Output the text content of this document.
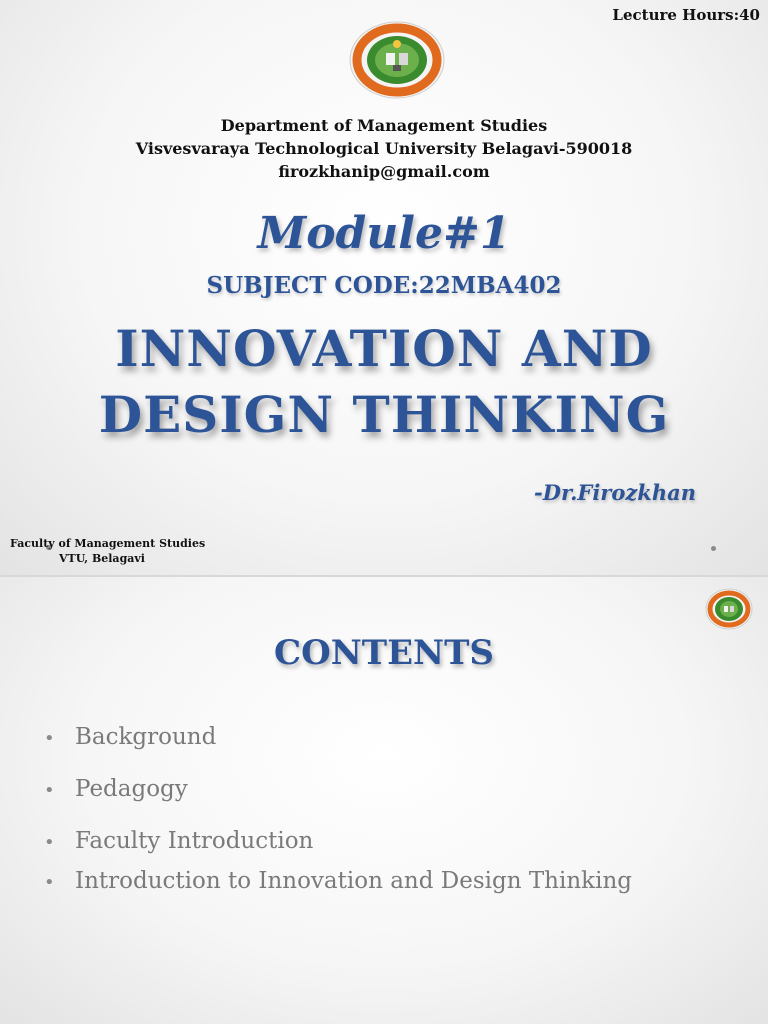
Lecture Hours:40
Department of Management Studies
Visvesvaraya Technological University Belagavi-590018
firozkhanip@gmail.com
Module#1
SUBJECT CODE:22MBA402
INNOVATION AND
DESIGN THINKING
-Dr.Firozkhan
Faculty of Management Studies
VTU, Belagavi
CONTENTS
• Background
• Pedagogy
• Faculty Introduction
• Introduction to Innovation and Design Thinking
